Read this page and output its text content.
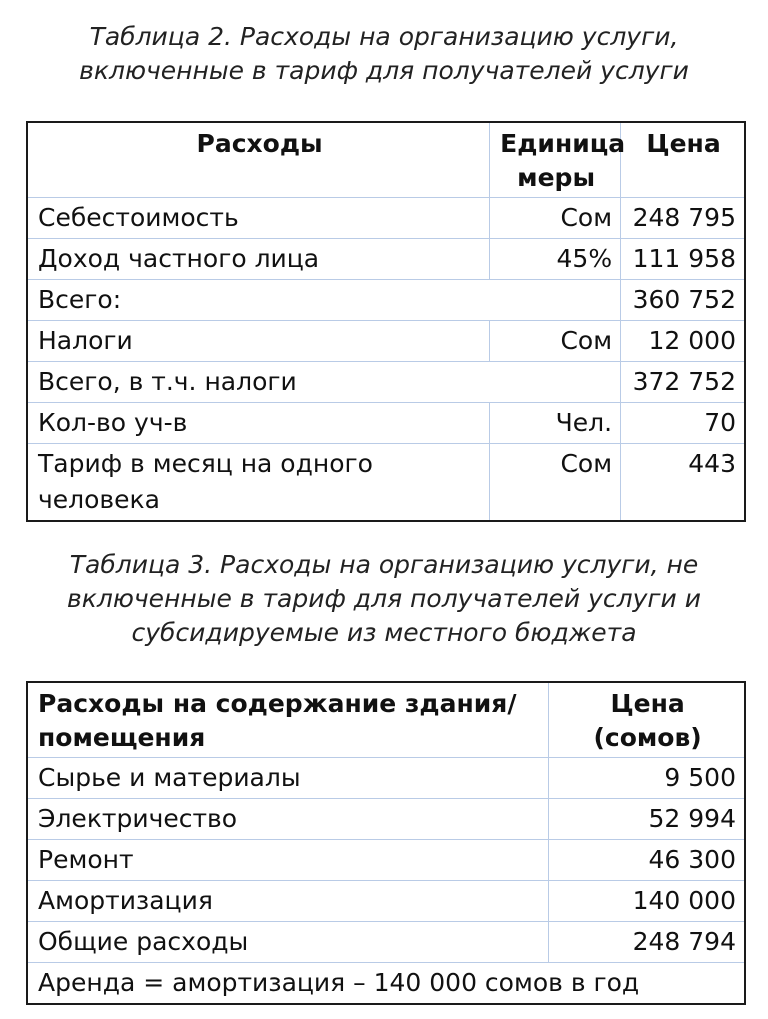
Таблица 2. Расходы на организацию услуги,
включенные в тариф для получателей услуги
Расходы	Единица меры	Цена
Себестоимость	Сом	248 795
Доход частного лица	45%	111 958
Всего:		360 752
Налоги	Сом	12 000
Всего, в т.ч. налоги		372 752
Кол-во уч-в	Чел.	70
Тариф в месяц на одного человека	Сом	443
Таблица 3. Расходы на организацию услуги, не
включенные в тариф для получателей услуги и
субсидируемые из местного бюджета
Расходы на содержание здания/ помещения	Цена (сомов)
Сырье и материалы	9 500
Электричество	52 994
Ремонт	46 300
Амортизация	140 000
Общие расходы	248 794
Аренда = амортизация – 140 000 сомов в год	
